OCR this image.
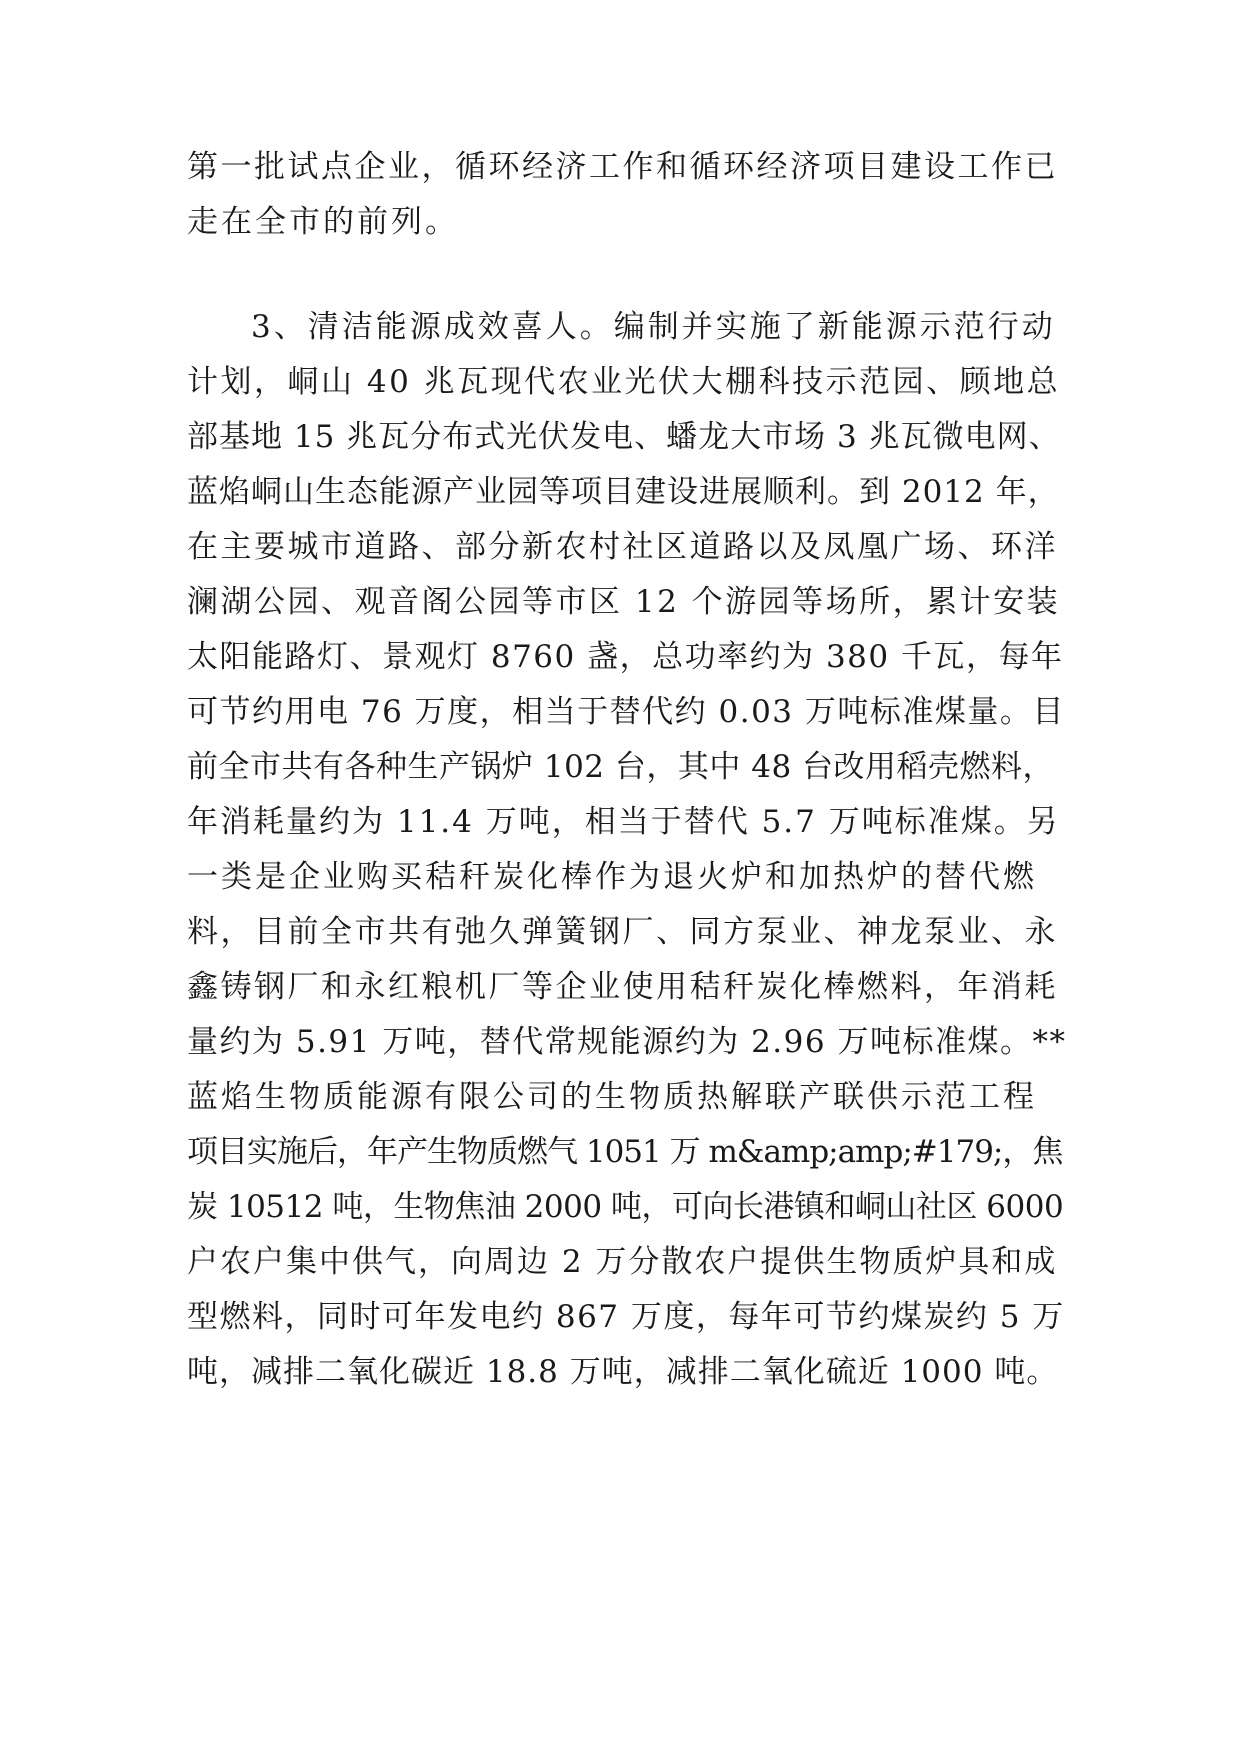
第一批试点企业，循环经济工作和循环经济项目建设工作已
走在全市的前列。
3、清洁能源成效喜人。编制并实施了新能源示范行动
计划，峒山 40 兆瓦现代农业光伏大棚科技示范园、顾地总
部基地 15 兆瓦分布式光伏发电、蟠龙大市场 3 兆瓦微电网、
蓝焰峒山生态能源产业园等项目建设进展顺利。到 2012 年，
在主要城市道路、部分新农村社区道路以及凤凰广场、环洋
澜湖公园、观音阁公园等市区 12 个游园等场所，累计安装
太阳能路灯、景观灯 8760 盏，总功率约为 380 千瓦，每年
可节约用电 76 万度，相当于替代约 0.03 万吨标准煤量。目
前全市共有各种生产锅炉 102 台，其中 48 台改用稻壳燃料，
年消耗量约为 11.4 万吨，相当于替代 5.7 万吨标准煤。另
一类是企业购买秸秆炭化棒作为退火炉和加热炉的替代燃
料，目前全市共有弛久弹簧钢厂、同方泵业、神龙泵业、永
鑫铸钢厂和永红粮机厂等企业使用秸秆炭化棒燃料，年消耗
量约为 5.91 万吨，替代常规能源约为 2.96 万吨标准煤。**
蓝焰生物质能源有限公司的生物质热解联产联供示范工程
项目实施后，年产生物质燃气 1051 万 m&amp;amp;#179;，焦
炭 10512 吨，生物焦油 2000 吨，可向长港镇和峒山社区 6000
户农户集中供气，向周边 2 万分散农户提供生物质炉具和成
型燃料，同时可年发电约 867 万度，每年可节约煤炭约 5 万
吨，减排二氧化碳近 18.8 万吨，减排二氧化硫近 1000 吨。
